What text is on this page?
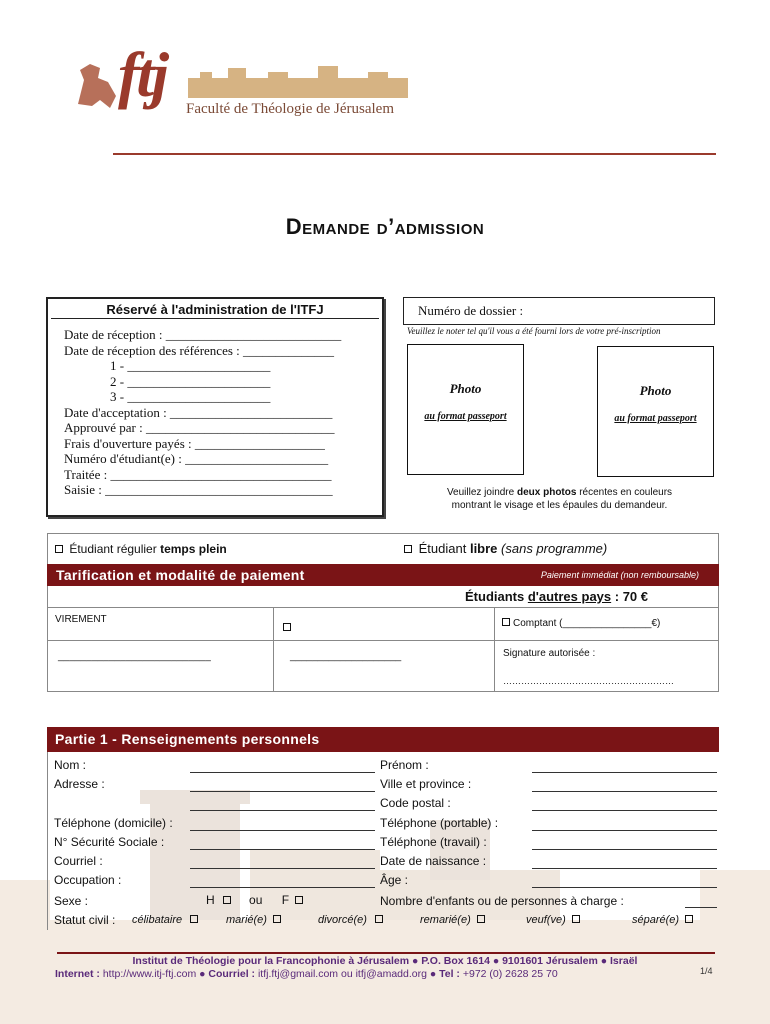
ftj Faculté de Théologie de Jérusalem
Demande d’admission
Réservé à l'administration de l'ITFJ
Date de réception : ___________________________
Date de réception des références : ______________
1 - ______________________
2 - ______________________
3 - ______________________
Date d'acceptation : _________________________
Approuvé par : _____________________________
Frais d'ouverture payés : ____________________
Numéro d'étudiant(e) : ______________________
Traitée : __________________________________
Saisie : ___________________________________
Numéro de dossier :
Veuillez le noter tel qu'il vous a été fourni lors de votre pré-inscription
Photo
au format passeport
Photo
au format passeport
Veuillez joindre deux photos récentes en couleurs
montrant le visage et les épaules du demandeur.
Étudiant régulier temps plein	Étudiant libre (sans programme)
Tarification et modalité de paiement	Paiement immédiat (non remboursable)
Étudiants d'autres pays : 70 €
VIREMENT	Comptant (________________€)
___________________________	____________________	Signature autorisée :
…………………………………………………
Partie 1 - Renseignements personnels
Nom :
Adresse :
Téléphone (domicile) :
N° Sécurité Sociale :
Courriel :
Occupation :
Sexe :	H	ou F
Prénom :
Ville et province :
Code postal :
Téléphone (portable) :
Téléphone (travail) :
Date de naissance :
Âge :
Nombre d'enfants ou de personnes à charge :
Statut civil : célibataire	marié(e)	divorcé(e)	remarié(e)	veuf(ve)	séparé(e)
Institut de Théologie pour la Francophonie à Jérusalem ● P.O. Box 1614 ● 9101601 Jérusalem ● Israël
Internet : http://www.itj-ftj.com ● Courriel : itfj.ftj@gmail.com ou itfj@amadd.org ● Tel : +972 (0) 2628 25 70	1/4
